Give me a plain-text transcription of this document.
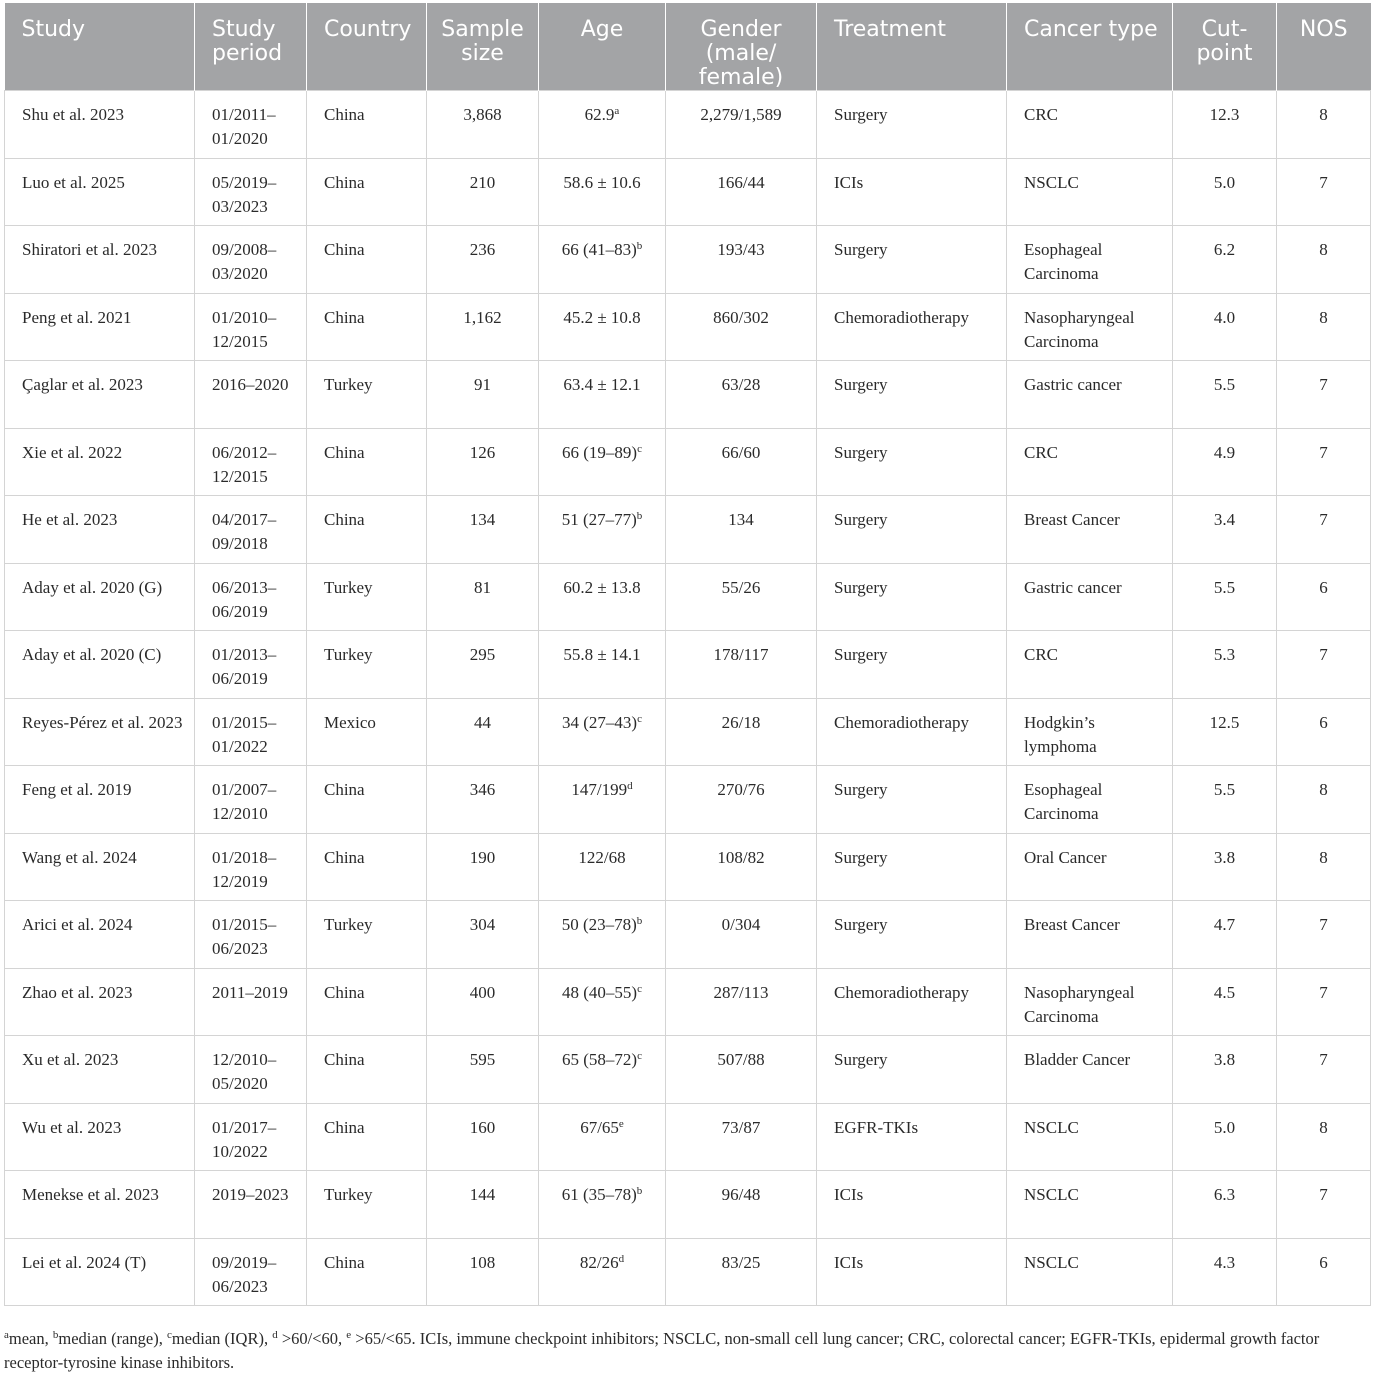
Study	Study period	Country	Sample size	Age	Gender (male/ female)	Treatment	Cancer type	Cut-point	NOS
Shu et al. 2023	01/2011–01/2020	China	3,868	62.9$^a$	2,279/1,589	Surgery	CRC	12.3	8
Luo et al. 2025	05/2019–03/2023	China	210	58.6 ± 10.6	166/44	ICIs	NSCLC	5.0	7
Shiratori et al. 2023	09/2008–03/2020	China	236	66 $(41-83)^b$	193/43	Surgery	Esophageal Carcinoma	6.2	8
Peng et al. 2021	01/2010–12/2015	China	1,162	45.2 ± 10.8	860/302	Chemoradiotherapy	Nasopharyngeal Carcinoma	4.0	8
Çaglar et al. 2023	2016–2020	Turkey	91	63.4 ± 12.1	63/28	Surgery	Gastric cancer	5.5	7
Xie et al. 2022	06/2012–12/2015	China	126	66 $(19-89)^c$	66/60	Surgery	CRC	4.9	7
He et al. 2023	04/2017–09/2018	China	134	51 $(27-77)^b$	134	Surgery	Breast Cancer	3.4	7
Aday et al. 2020 (G)	06/2013–06/2019	Turkey	81	60.2 ± 13.8	55/26	Surgery	Gastric cancer	5.5	6
Aday et al. 2020 (C)	01/2013–06/2019	Turkey	295	55.8 ± 14.1	178/117	Surgery	CRC	5.3	7
Reyes-Pérez et al. 2023	01/2015–01/2022	Mexico	44	34 $(27-43)^c$	26/18	Chemoradiotherapy	Hodgkin’s lymphoma	12.5	6
Feng et al. 2019	01/2007–12/2010	China	346	147/199$^d$	270/76	Surgery	Esophageal Carcinoma	5.5	8
Wang et al. 2024	01/2018–12/2019	China	190	122/68	108/82	Surgery	Oral Cancer	3.8	8
Arici et al. 2024	01/2015–06/2023	Turkey	304	50 $(23-78)^b$	0/304	Surgery	Breast Cancer	4.7	7
Zhao et al. 2023	2011–2019	China	400	48 $(40-55)^c$	287/113	Chemoradiotherapy	Nasopharyngeal Carcinoma	4.5	7
Xu et al. 2023	12/2010–05/2020	China	595	65 $(58-72)^c$	507/88	Surgery	Bladder Cancer	3.8	7
Wu et al. 2023	01/2017–10/2022	China	160	67/65e	73/87	EGFR-TKIs	NSCLC	5.0	8
Menekse et al. 2023	2019–2023	Turkey	144	61 $(35-78)^b$	96/48	ICIs	NSCLC	6.3	7
Lei et al. 2024 (T)	09/2019–06/2023	China	108	82/26$^d$	83/25	ICIs	NSCLC	4.3	6
$^a$mean, $^b$median (range), $^c$median (IQR), $^d$ >60/<60, $^e$ >65/<65. ICIs, immune checkpoint inhibitors; NSCLC, non-small cell lung cancer; CRC, colorectal cancer; EGFR-TKIs, epidermal growth factor receptor-tyrosine kinase inhibitors.
